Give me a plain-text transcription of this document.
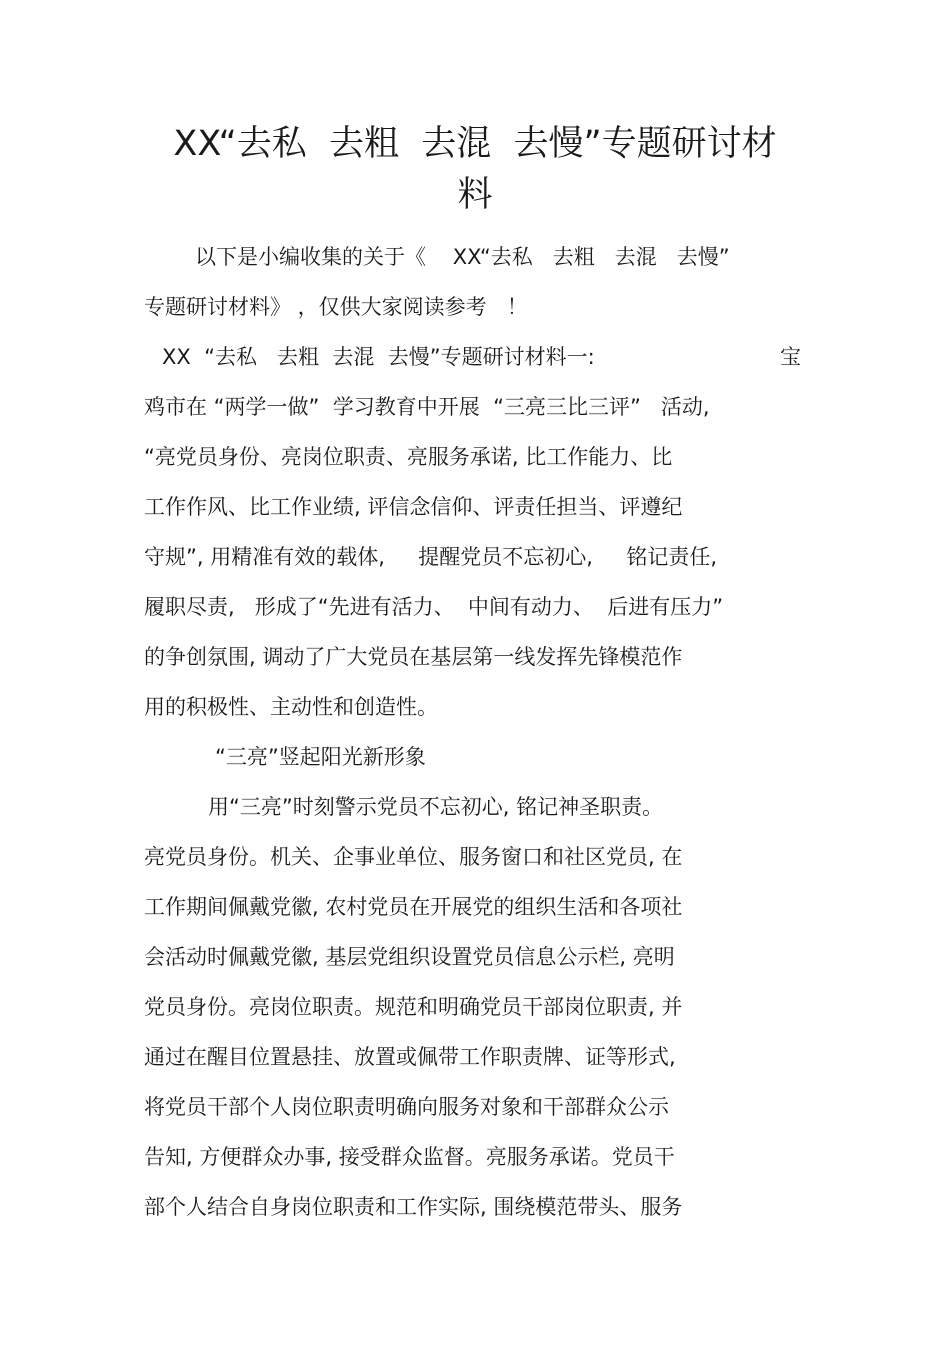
XX“去私  去粗  去混  去慢”专题研讨材
料
以下是小编收集的关于《    XX“去私   去粗   去混   去慢”
专题研讨材料》 ，仅供大家阅读参考   ！
XX  “去私   去粗  去混  去慢”专题研讨材料一:	宝
鸡市在 “两学一做”  学习教育中开展  “三亮三比三评”   活动,
“亮党员身份、亮岗位职责、亮服务承诺, 比工作能力、比
工作作风、比工作业绩, 评信念信仰、评责任担当、评遵纪
守规”, 用精准有效的载体,     提醒党员不忘初心,     铭记责任,
履职尽责,   形成了“先进有活力、  中间有动力、  后进有压力”
的争创氛围, 调动了广大党员在基层第一线发挥先锋模范作
用的积极性、主动性和创造性。
“三亮”竖起阳光新形象
用“三亮”时刻警示党员不忘初心, 铭记神圣职责。
亮党员身份。机关、企事业单位、服务窗口和社区党员, 在
工作期间佩戴党徽, 农村党员在开展党的组织生活和各项社
会活动时佩戴党徽, 基层党组织设置党员信息公示栏, 亮明
党员身份。亮岗位职责。规范和明确党员干部岗位职责, 并
通过在醒目位置悬挂、放置或佩带工作职责牌、证等形式,
将党员干部个人岗位职责明确向服务对象和干部群众公示
告知, 方便群众办事, 接受群众监督。亮服务承诺。党员干
部个人结合自身岗位职责和工作实际, 围绕模范带头、服务
